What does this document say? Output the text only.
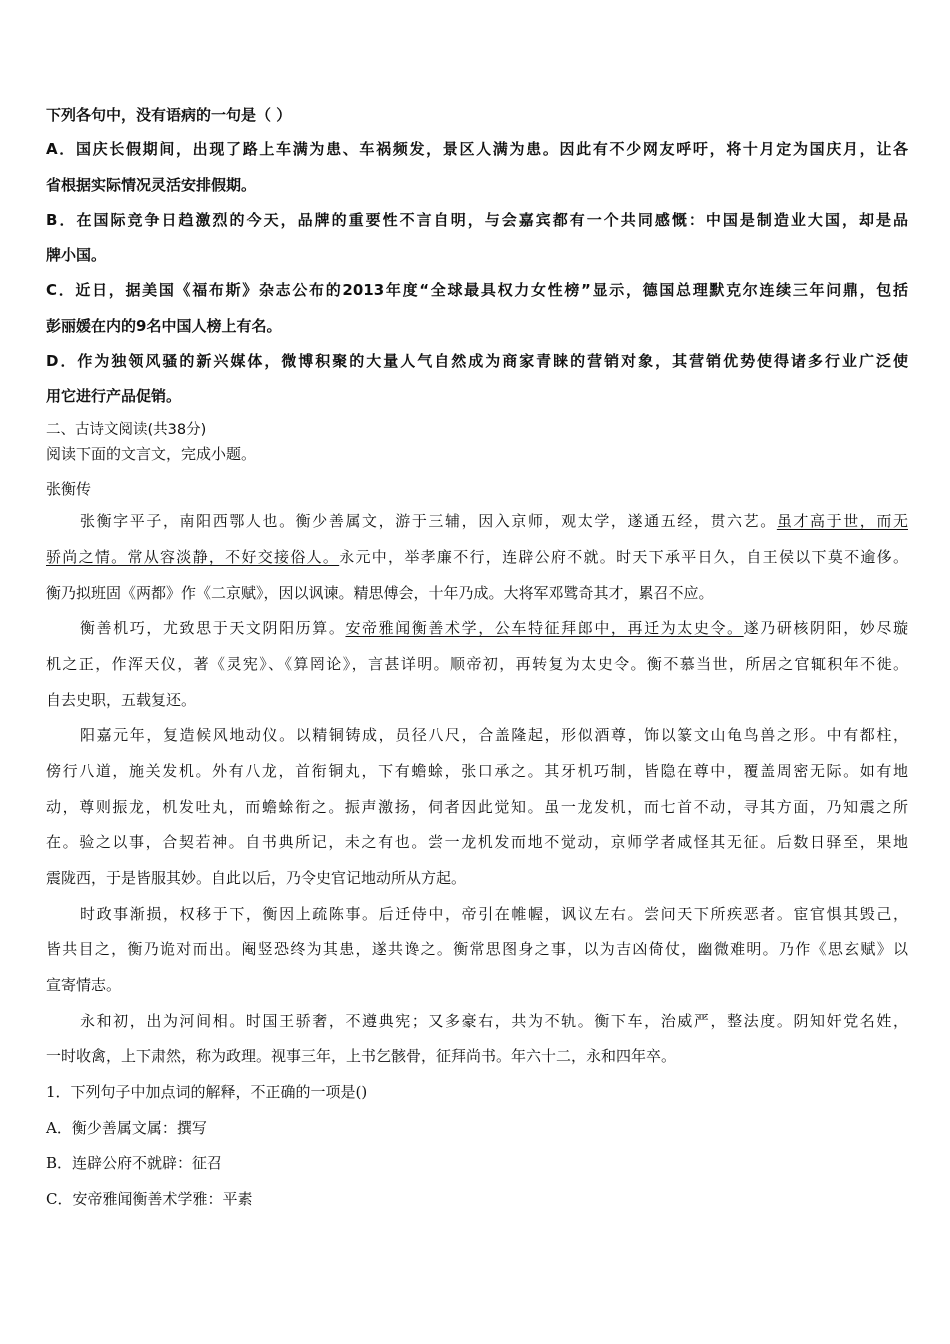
下列各句中，没有语病的一句是（ ）
A．国庆长假期间，出现了路上车满为患、车祸频发，景区人满为患。因此有不少网友呼吁，将十月定为国庆月，让各
省根据实际情况灵活安排假期。
B．在国际竞争日趋激烈的今天，品牌的重要性不言自明，与会嘉宾都有一个共同感慨：中国是制造业大国，却是品
牌小国。
C．近日，据美国《福布斯》杂志公布的2013年度“全球最具权力女性榜”显示，德国总理默克尔连续三年问鼎，包括
彭丽媛在内的9名中国人榜上有名。
D．作为独领风骚的新兴媒体，微博积聚的大量人气自然成为商家青睐的营销对象，其营销优势使得诸多行业广泛使
用它进行产品促销。
二、古诗文阅读(共38分)
阅读下面的文言文，完成小题。
张衡传
张衡字平子，南阳西鄂人也。衡少善属文，游于三辅，因入京师，观太学，遂通五经，贯六艺。虽才高于世，而无
骄尚之情。常从容淡静，不好交接俗人。永元中，举孝廉不行，连辟公府不就。时天下承平日久，自王侯以下莫不逾侈。
衡乃拟班固《两都》作《二京赋》，因以讽谏。精思傅会，十年乃成。大将军邓骘奇其才，累召不应。
衡善机巧，尤致思于天文阴阳历算。安帝雅闻衡善术学，公车特征拜郎中，再迁为太史令。遂乃研核阴阳，妙尽璇
机之正，作浑天仪，著《灵宪》、《算罔论》，言甚详明。顺帝初，再转复为太史令。衡不慕当世，所居之官辄积年不徙。
自去史职，五载复还。
阳嘉元年，复造候风地动仪。以精铜铸成，员径八尺，合盖隆起，形似酒尊，饰以篆文山龟鸟兽之形。中有都柱，
傍行八道，施关发机。外有八龙，首衔铜丸，下有蟾蜍，张口承之。其牙机巧制，皆隐在尊中，覆盖周密无际。如有地
动，尊则振龙，机发吐丸，而蟾蜍衔之。振声激扬，伺者因此觉知。虽一龙发机，而七首不动，寻其方面，乃知震之所
在。验之以事，合契若神。自书典所记，未之有也。尝一龙机发而地不觉动，京师学者咸怪其无征。后数日驿至，果地
震陇西，于是皆服其妙。自此以后，乃令史官记地动所从方起。
时政事渐损，权移于下，衡因上疏陈事。后迁侍中，帝引在帷幄，讽议左右。尝问天下所疾恶者。宦官惧其毁己，
皆共目之，衡乃诡对而出。阉竖恐终为其患，遂共谗之。衡常思图身之事，以为吉凶倚仗，幽微难明。乃作《思玄赋》以
宣寄情志。
永和初，出为河间相。时国王骄奢，不遵典宪；又多豪右，共为不轨。衡下车，治威严，整法度。阴知奸党名姓，
一时收禽，上下肃然，称为政理。视事三年，上书乞骸骨，征拜尚书。年六十二，永和四年卒。
1．下列句子中加点词的解释，不正确的一项是()
A．衡少善属文属：撰写
B．连辟公府不就辟：征召
C．安帝雅闻衡善术学雅：平素
